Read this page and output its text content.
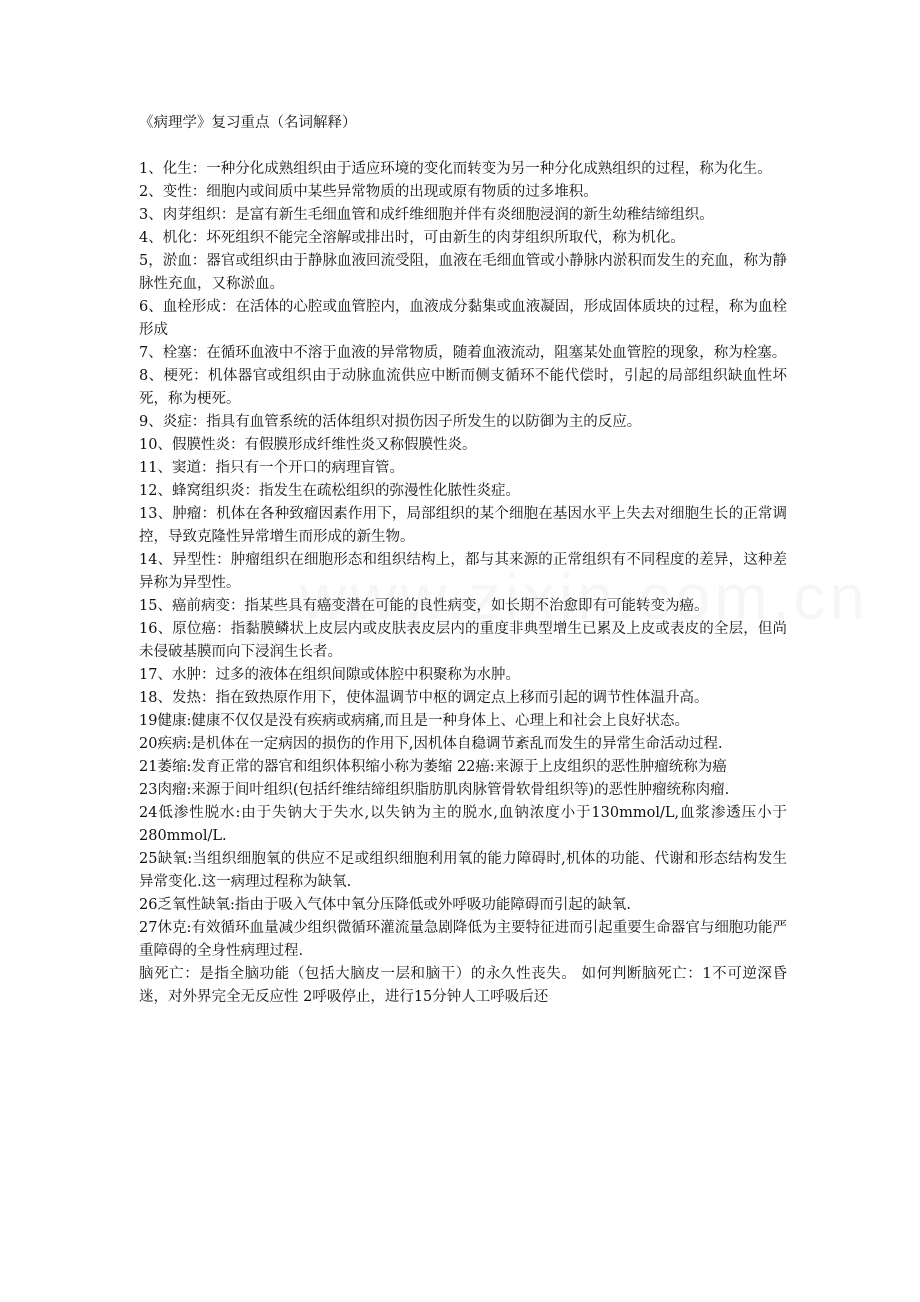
《病理学》复习重点（名词解释）

1、化生：一种分化成熟组织由于适应环境的变化而转变为另一种分化成熟组织的过程，称为化生。

2、变性：细胞内或间质中某些异常物质的出现或原有物质的过多堆积。

3、肉芽组织：是富有新生毛细血管和成纤维细胞并伴有炎细胞浸润的新生幼稚结缔组织。

4、机化：坏死组织不能完全溶解或排出时，可由新生的肉芽组织所取代，称为机化。

5，淤血：器官或组织由于静脉血液回流受阻，血液在毛细血管或小静脉内淤积而发生的充血，称为静脉性充血，又称淤血。

6、血栓形成：在活体的心腔或血管腔内，血液成分黏集或血液凝固，形成固体质块的过程，称为血栓形成

7、栓塞：在循环血液中不溶于血液的异常物质，随着血液流动，阻塞某处血管腔的现象，称为栓塞。

8、梗死：机体器官或组织由于动脉血流供应中断而侧支循环不能代偿时，引起的局部组织缺血性坏死，称为梗死。

9、炎症：指具有血管系统的活体组织对损伤因子所发生的以防御为主的反应。

10、假膜性炎：有假膜形成纤维性炎又称假膜性炎。

11、窦道：指只有一个开口的病理盲管。

12、蜂窝组织炎：指发生在疏松组织的弥漫性化脓性炎症。

13、肿瘤：机体在各种致瘤因素作用下，局部组织的某个细胞在基因水平上失去对细胞生长的正常调控，导致克隆性异常增生而形成的新生物。

14、异型性：肿瘤组织在细胞形态和组织结构上，都与其来源的正常组织有不同程度的差异，这种差异称为异型性。

15、癌前病变：指某些具有癌变潜在可能的良性病变，如长期不治愈即有可能转变为癌。

16、原位癌：指黏膜鳞状上皮层内或皮肤表皮层内的重度非典型增生已累及上皮或表皮的全层，但尚未侵破基膜而向下浸润生长者。

17、水肿：过多的液体在组织间隙或体腔中积聚称为水肿。

18、发热：指在致热原作用下，使体温调节中枢的调定点上移而引起的调节性体温升高。

19健康:健康不仅仅是没有疾病或病痛,而且是一种身体上、心理上和社会上良好状态。

20疾病:是机体在一定病因的损伤的作用下,因机体自稳调节紊乱而发生的异常生命活动过程.

21萎缩:发育正常的器官和组织体积缩小称为萎缩 22癌:来源于上皮组织的恶性肿瘤统称为癌

23肉瘤:来源于间叶组织(包括纤维结缔组织脂肪肌肉脉管骨软骨组织等)的恶性肿瘤统称肉瘤.

24低渗性脱水:由于失钠大于失水,以失钠为主的脱水,血钠浓度小于130mmol/L,血浆渗透压小于280mmol/L.

25缺氧:当组织细胞氧的供应不足或组织细胞利用氧的能力障碍时,机体的功能、代谢和形态结构发生异常变化.这一病理过程称为缺氧.

26乏氧性缺氧:指由于吸入气体中氧分压降低或外呼吸功能障碍而引起的缺氧.

27休克:有效循环血量减少组织微循环灌流量急剧降低为主要特征进而引起重要生命器官与细胞功能严重障碍的全身性病理过程.

脑死亡：是指全脑功能（包括大脑皮一层和脑干）的永久性丧失。 如何判断脑死亡：1不可逆深昏迷，对外界完全无反应性 2呼吸停止，进行15分钟人工呼吸后还
